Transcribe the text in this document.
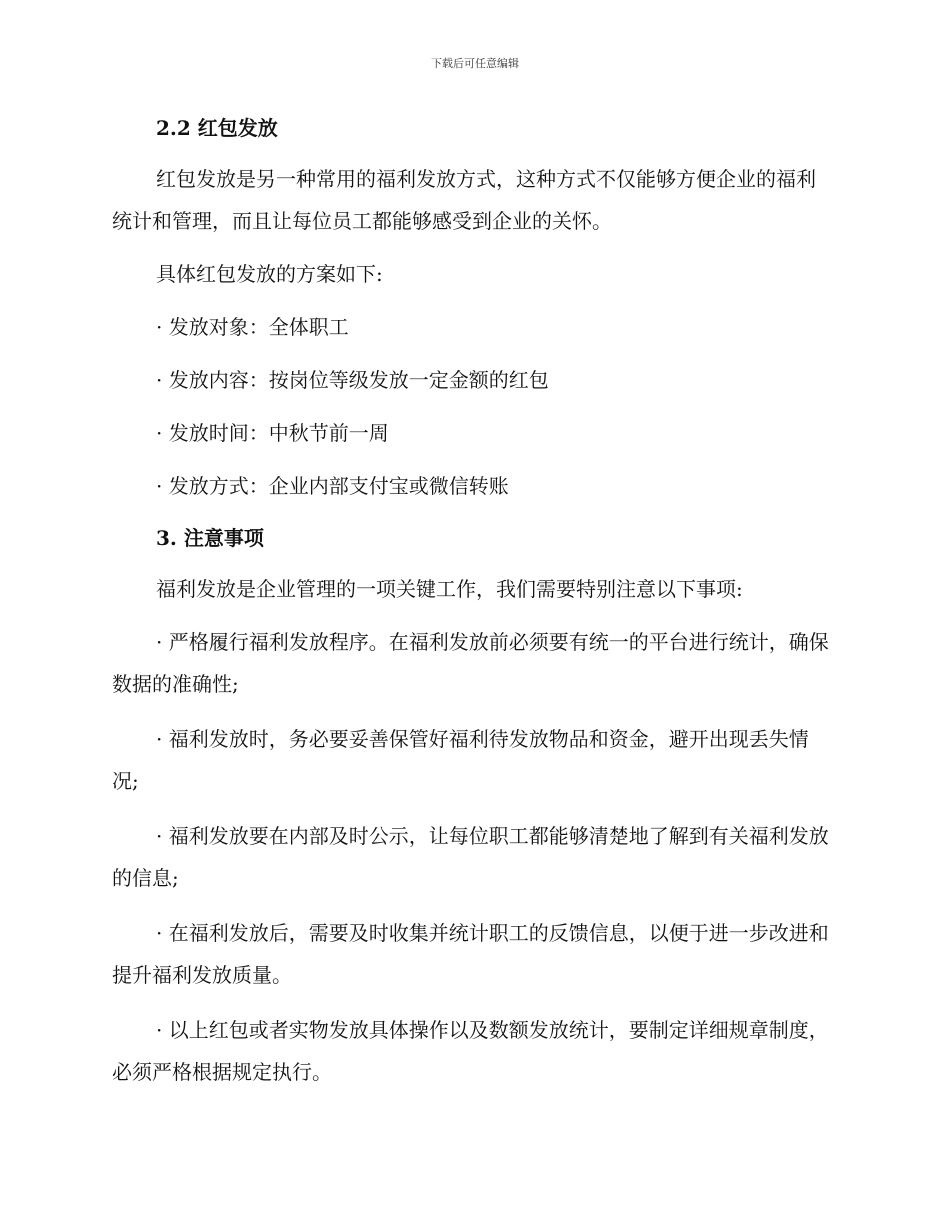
下载后可任意编辑
2.2 红包发放

红包发放是另一种常用的福利发放方式，这种方式不仅能够方便企业的福利统计和管理，而且让每位员工都能够感受到企业的关怀。

具体红包发放的方案如下:

· 发放对象：全体职工

· 发放内容：按岗位等级发放一定金额的红包

· 发放时间：中秋节前一周

· 发放方式：企业内部支付宝或微信转账

3. 注意事项

福利发放是企业管理的一项关键工作，我们需要特别注意以下事项:

· 严格履行福利发放程序。在福利发放前必须要有统一的平台进行统计，确保数据的准确性;

· 福利发放时，务必要妥善保管好福利待发放物品和资金，避开出现丢失情况;

· 福利发放要在内部及时公示，让每位职工都能够清楚地了解到有关福利发放的信息;

· 在福利发放后，需要及时收集并统计职工的反馈信息，以便于进一步改进和提升福利发放质量。

· 以上红包或者实物发放具体操作以及数额发放统计，要制定详细规章制度，必须严格根据规定执行。
